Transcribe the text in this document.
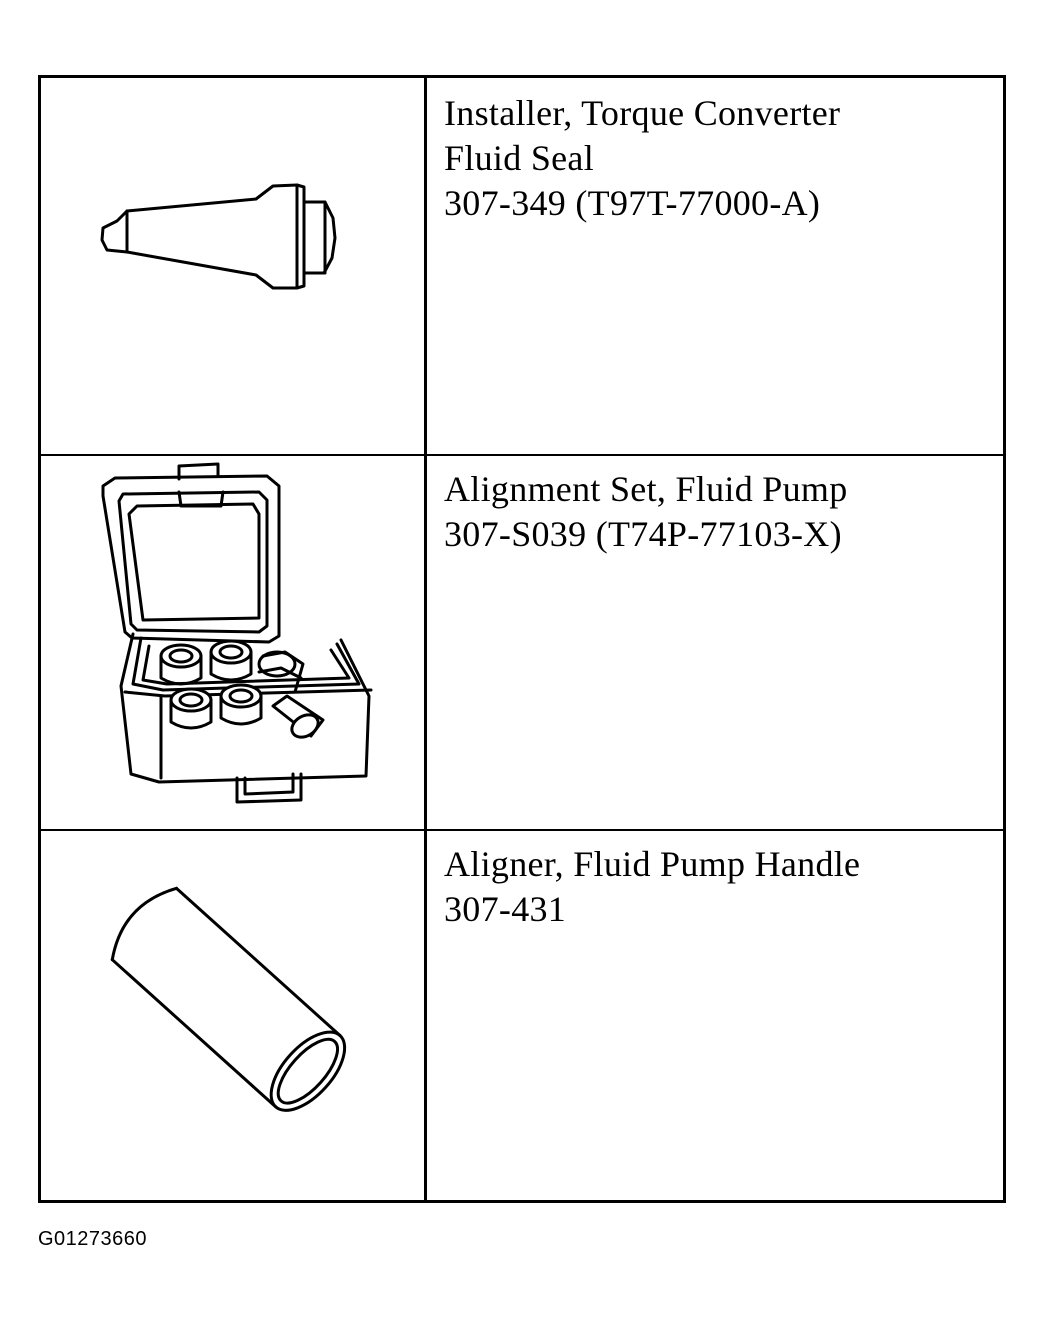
Installer, Torque Converter
Fluid Seal
307-349 (T97T-77000-A)
Alignment Set, Fluid Pump
307-S039 (T74P-77103-X)
Aligner, Fluid Pump Handle
307-431
G01273660
